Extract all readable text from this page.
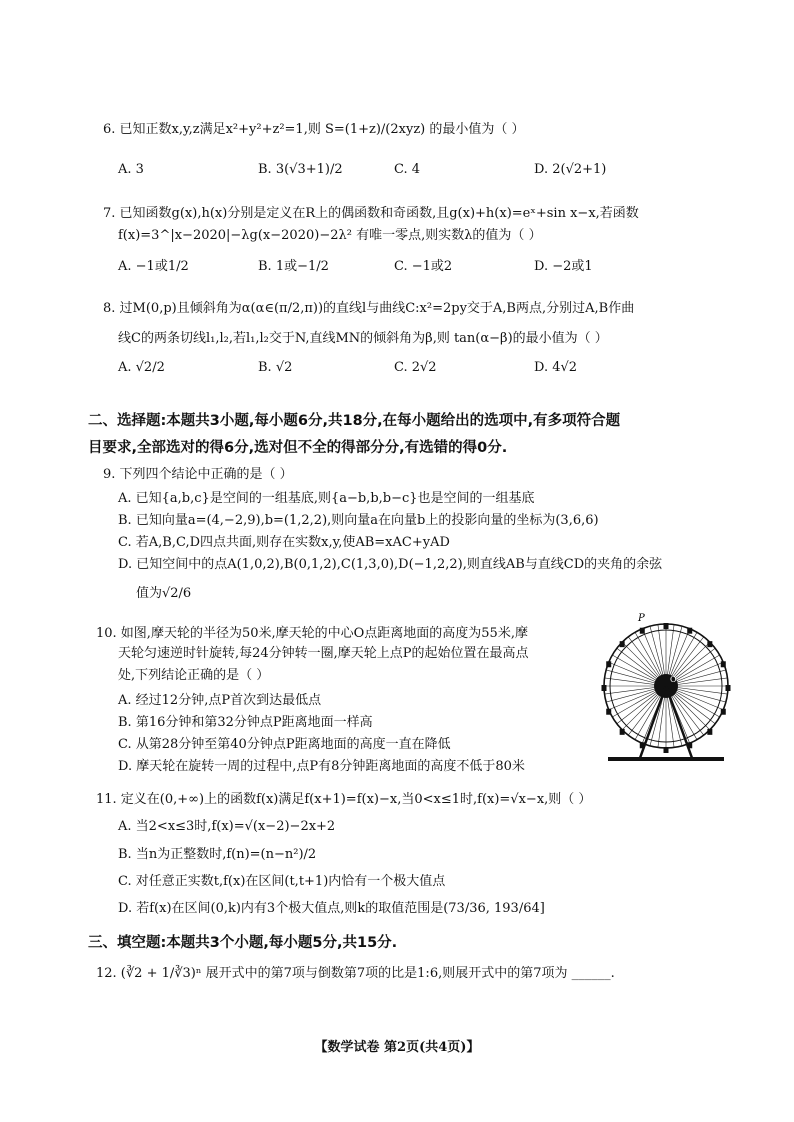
6. 已知正数x,y,z满足x²+y²+z²=1,则 S=(1+z)/(2xyz) 的最小值为（ ）
A. 3	B. 3(√3+1)/2	C. 4	D. 2(√2+1)
7. 已知函数g(x),h(x)分别是定义在R上的偶函数和奇函数,且g(x)+h(x)=eˣ+sin x−x,若函数
f(x)=3^|x−2020|−λg(x−2020)−2λ² 有唯一零点,则实数λ的值为（ ）
A. −1或1/2	B. 1或−1/2	C. −1或2	D. −2或1
8. 过M(0,p)且倾斜角为α(α∈(π/2,π))的直线l与曲线C:x²=2py交于A,B两点,分别过A,B作曲
线C的两条切线l₁,l₂,若l₁,l₂交于N,直线MN的倾斜角为β,则 tan(α−β)的最小值为（ ）
A. √2/2	B. √2	C. 2√2	D. 4√2
二、选择题:本题共3小题,每小题6分,共18分,在每小题给出的选项中,有多项符合题
目要求,全部选对的得6分,选对但不全的得部分分,有选错的得0分.
9. 下列四个结论中正确的是（ ）
A. 已知{a,b,c}是空间的一组基底,则{a−b,b,b−c}也是空间的一组基底
B. 已知向量a=(4,−2,9),b=(1,2,2),则向量a在向量b上的投影向量的坐标为(3,6,6)
C. 若A,B,C,D四点共面,则存在实数x,y,使AB=xAC+yAD
D. 已知空间中的点A(1,0,2),B(0,1,2),C(1,3,0),D(−1,2,2),则直线AB与直线CD的夹角的余弦
值为√2/6
10. 如图,摩天轮的半径为50米,摩天轮的中心O点距离地面的高度为55米,摩
天轮匀速逆时针旋转,每24分钟转一圈,摩天轮上点P的起始位置在最高点
处,下列结论正确的是（ ）
A. 经过12分钟,点P首次到达最低点
B. 第16分钟和第32分钟点P距离地面一样高
C. 从第28分钟至第40分钟点P距离地面的高度一直在降低
D. 摩天轮在旋转一周的过程中,点P有8分钟距离地面的高度不低于80米
P
O
11. 定义在(0,+∞)上的函数f(x)满足f(x+1)=f(x)−x,当0<x≤1时,f(x)=√x−x,则（ ）
A. 当2<x≤3时,f(x)=√(x−2)−2x+2
B. 当n为正整数时,f(n)=(n−n²)/2
C. 对任意正实数t,f(x)在区间(t,t+1)内恰有一个极大值点
D. 若f(x)在区间(0,k)内有3个极大值点,则k的取值范围是(73/36, 193/64]
三、填空题:本题共3个小题,每小题5分,共15分.
12. (∛2 + 1/∛3)ⁿ 展开式中的第7项与倒数第7项的比是1:6,则展开式中的第7项为 ______.
【数学试卷 第2页(共4页)】
